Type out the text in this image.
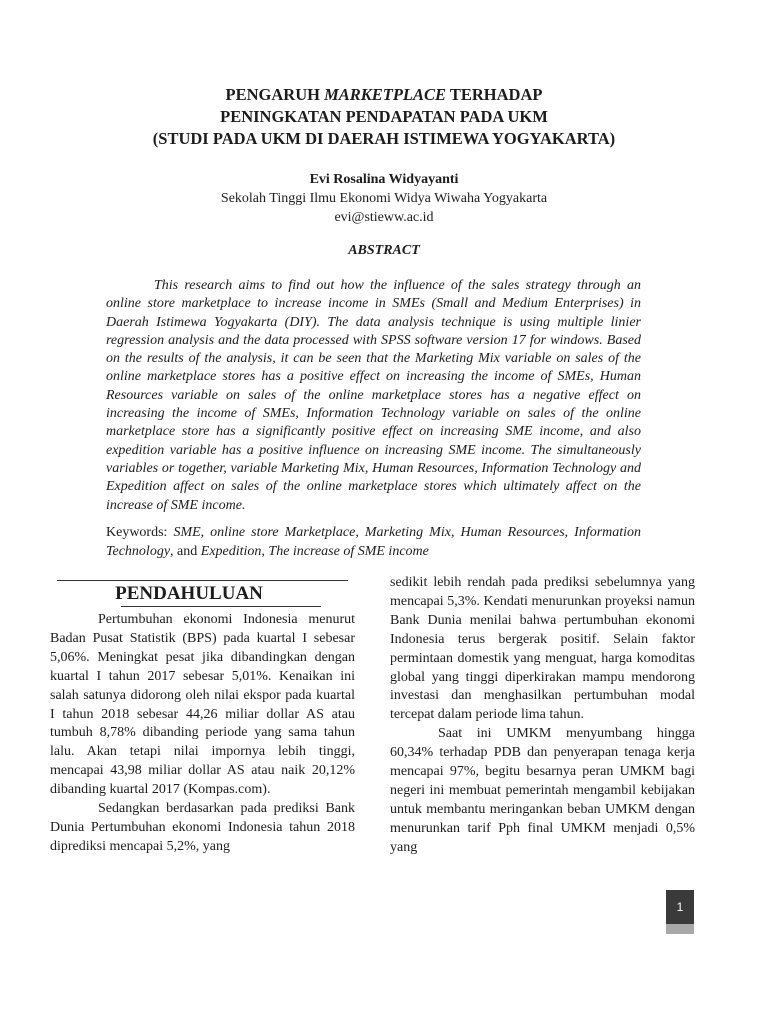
PENGARUH MARKETPLACE TERHADAP
PENINGKATAN PENDAPATAN PADA UKM
(STUDI PADA UKM DI DAERAH ISTIMEWA YOGYAKARTA)
Evi Rosalina Widyayanti
Sekolah Tinggi Ilmu Ekonomi Widya Wiwaha Yogyakarta
evi@stieww.ac.id
ABSTRACT
This research aims to find out how the influence of the sales strategy through an online store marketplace to increase income in SMEs (Small and Medium Enterprises) in Daerah Istimewa Yogyakarta (DIY). The data analysis technique is using multiple linier regression analysis and the data processed with SPSS software version 17 for windows. Based on the results of the analysis, it can be seen that the Marketing Mix variable on sales of the online marketplace stores has a positive effect on increasing the income of SMEs, Human Resources variable on sales of the online marketplace stores has a negative effect on increasing the income of SMEs, Information Technology variable on sales of the online marketplace store has a significantly positive effect on increasing SME income, and also expedition variable has a positive influence on increasing SME income. The simultaneously variables or together, variable Marketing Mix, Human Resources, Information Technology and Expedition affect on sales of the online marketplace stores which ultimately affect on the increase of SME income.
Keywords: SME, online store Marketplace, Marketing Mix, Human Resources, Information Technology, and Expedition, The increase of SME income
PENDAHULUAN

Pertumbuhan ekonomi Indonesia menurut Badan Pusat Statistik (BPS) pada kuartal I sebesar 5,06%. Meningkat pesat jika dibandingkan dengan kuartal I tahun 2017 sebesar 5,01%. Kenaikan ini salah satunya didorong oleh nilai ekspor pada kuartal I tahun 2018 sebesar 44,26 miliar dollar AS atau tumbuh 8,78% dibanding periode yang sama tahun lalu. Akan tetapi nilai impornya lebih tinggi, mencapai 43,98 miliar dollar AS atau naik 20,12% dibanding kuartal 2017 (Kompas.com).

Sedangkan berdasarkan pada prediksi Bank Dunia Pertumbuhan ekonomi Indonesia tahun 2018 diprediksi mencapai 5,2%, yang

sedikit lebih rendah pada prediksi sebelumnya yang mencapai 5,3%. Kendati menurunkan proyeksi namun Bank Dunia menilai bahwa pertumbuhan ekonomi Indonesia terus bergerak positif. Selain faktor permintaan domestik yang menguat, harga komoditas global yang tinggi diperkirakan mampu mendorong investasi dan menghasilkan pertumbuhan modal tercepat dalam periode lima tahun.

Saat ini UMKM menyumbang hingga 60,34% terhadap PDB dan penyerapan tenaga kerja mencapai 97%, begitu besarnya peran UMKM bagi negeri ini membuat pemerintah mengambil kebijakan untuk membantu meringankan beban UMKM dengan menurunkan tarif Pph final UMKM menjadi 0,5% yang

1
